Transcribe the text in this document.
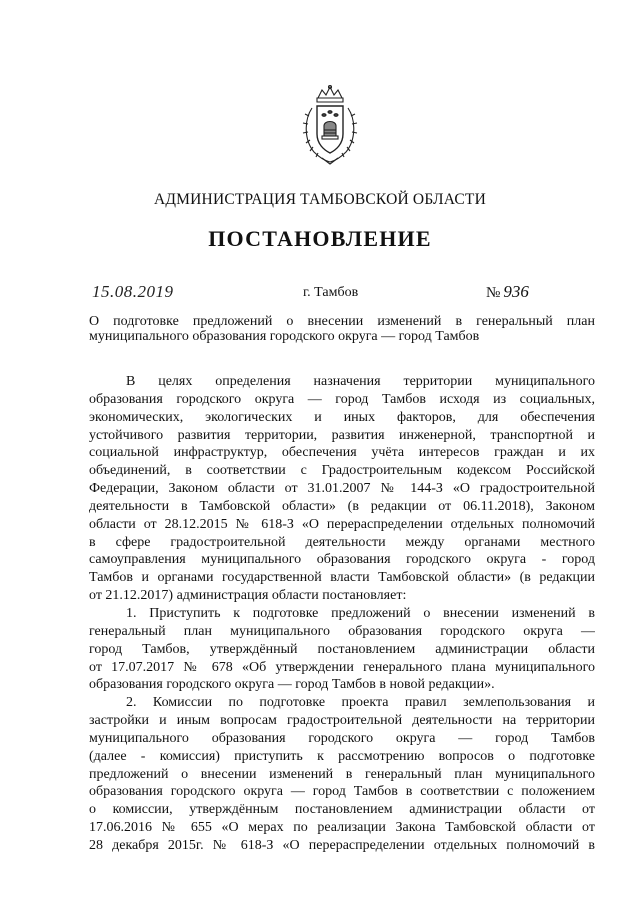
АДМИНИСТРАЦИЯ ТАМБОВСКОЙ ОБЛАСТИ
ПОСТАНОВЛЕНИЕ
15.08.2019	г. Тамбов	№ 936
О подготовке предложений о внесении изменений в генеральный план
муниципального образования городского округа — город Тамбов
В целях определения назначения территории муниципального
образования городского округа — город Тамбов исходя из социальных,
экономических, экологических и иных факторов, для обеспечения
устойчивого развития территории, развития инженерной, транспортной и
социальной инфраструктур, обеспечения учёта интересов граждан и их
объединений, в соответствии с Градостроительным кодексом Российской
Федерации, Законом области от 31.01.2007 № 144-З «О градостроительной
деятельности в Тамбовской области» (в редакции от 06.11.2018), Законом
области от 28.12.2015 № 618-З «О перераспределении отдельных полномочий
в сфере градостроительной деятельности между органами местного
самоуправления муниципального образования городского округа - город
Тамбов и органами государственной власти Тамбовской области» (в редакции
от 21.12.2017) администрация области постановляет:
1. Приступить к подготовке предложений о внесении изменений в
генеральный план муниципального образования городского округа —
город Тамбов, утверждённый постановлением администрации области
от 17.07.2017 № 678 «Об утверждении генерального плана муниципального
образования городского округа — город Тамбов в новой редакции».
2. Комиссии по подготовке проекта правил землепользования и
застройки и иным вопросам градостроительной деятельности на территории
муниципального образования городского округа — город Тамбов
(далее - комиссия) приступить к рассмотрению вопросов о подготовке
предложений о внесении изменений в генеральный план муниципального
образования городского округа — город Тамбов в соответствии с положением
о комиссии, утверждённым постановлением администрации области от
17.06.2016 № 655 «О мерах по реализации Закона Тамбовской области от
28 декабря 2015г. № 618-З «О перераспределении отдельных полномочий в
